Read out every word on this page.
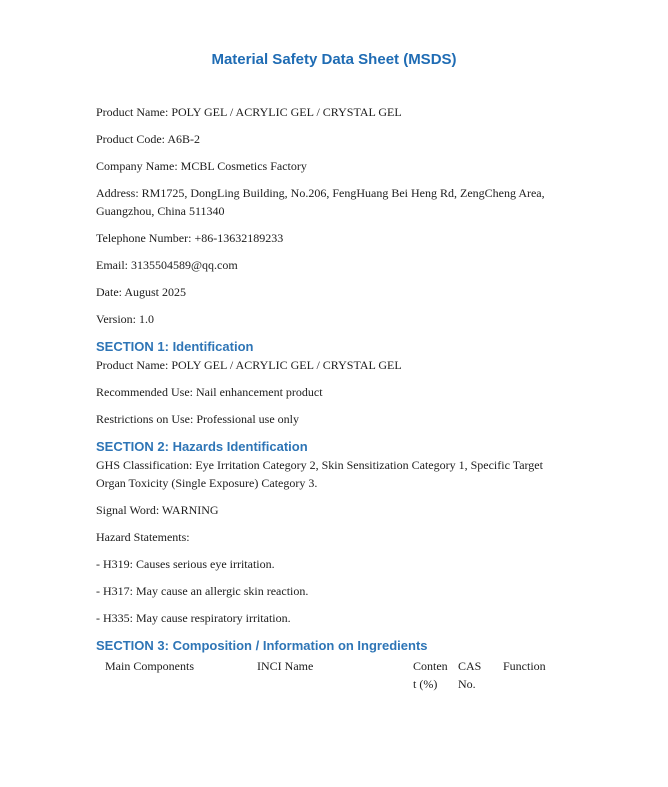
Material Safety Data Sheet (MSDS)

Product Name: POLY GEL / ACRYLIC GEL / CRYSTAL GEL

Product Code: A6B-2

Company Name: MCBL Cosmetics Factory

Address: RM1725, DongLing Building, No.206, FengHuang Bei Heng Rd, ZengCheng Area, Guangzhou, China 511340

Telephone Number: +86-13632189233

Email: 3135504589@qq.com

Date: August 2025

Version: 1.0

SECTION 1: Identification

Product Name: POLY GEL / ACRYLIC GEL / CRYSTAL GEL

Recommended Use: Nail enhancement product

Restrictions on Use: Professional use only

SECTION 2: Hazards Identification

GHS Classification: Eye Irritation Category 2, Skin Sensitization Category 1, Specific Target Organ Toxicity (Single Exposure) Category 3.

Signal Word: WARNING

Hazard Statements:

- H319: Causes serious eye irritation.

- H317: May cause an allergic skin reaction.

- H335: May cause respiratory irritation.

SECTION 3: Composition / Information on Ingredients
Main Components	INCI Name	Content (%)
CAS No.
Function
